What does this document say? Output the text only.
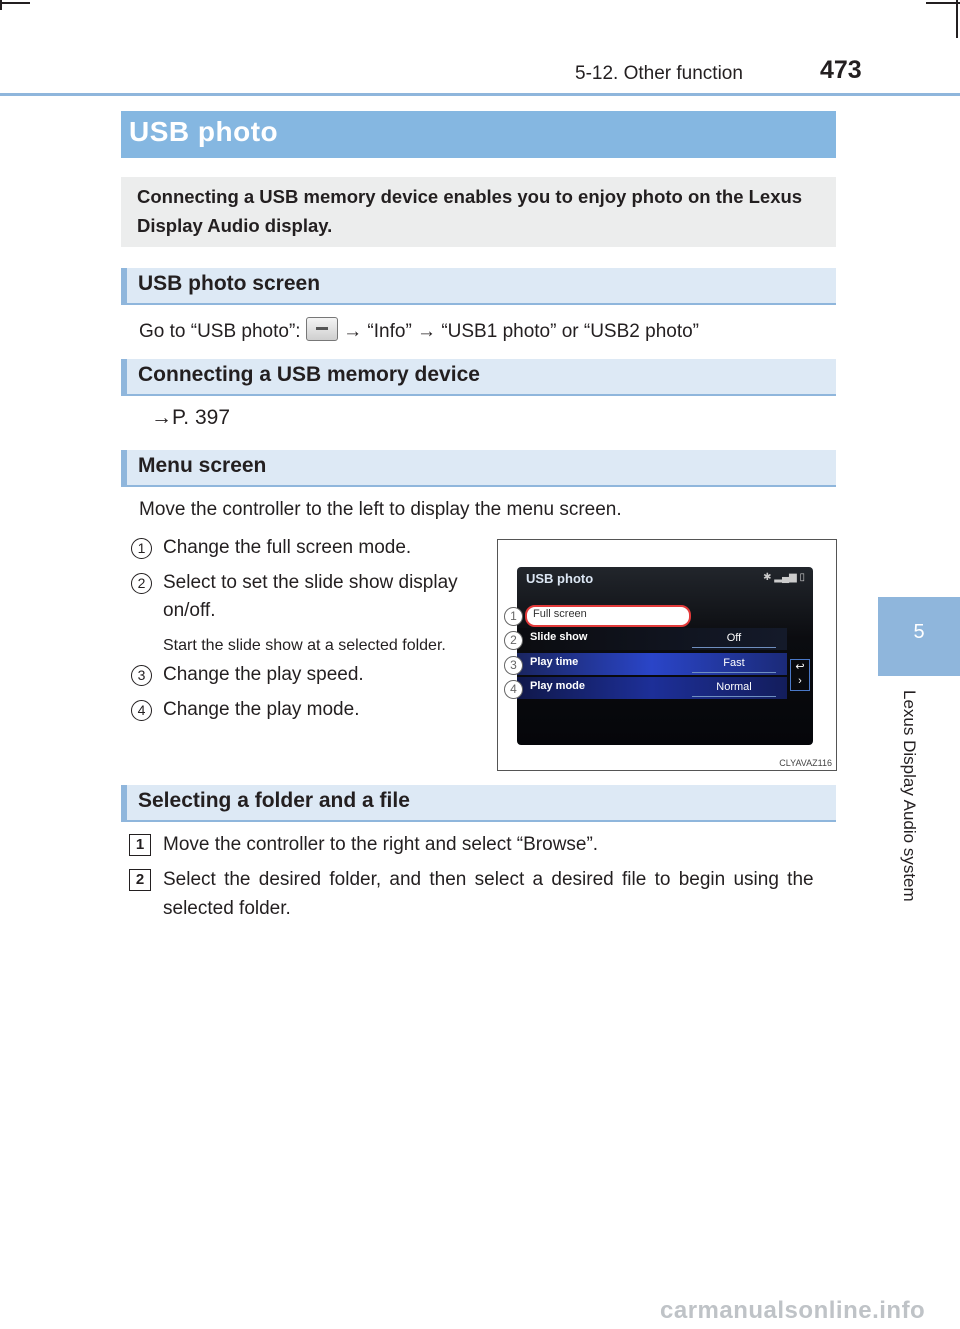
5-12. Other function	473
5
Lexus Display Audio system
USB photo

Connecting a USB memory device enables you to enjoy photo on the Lexus Display Audio display.

USB photo screen
Go to “USB photo”: → “Info” → “USB1 photo” or “USB2 photo”
Connecting a USB memory device
→P. 397
Menu screen
Move the controller to the left to display the menu screen.
1 Change the full screen mode.
2 Select to set the slide show display
on/off.
Start the slide show at a selected folder.
3 Change the play speed.
4 Change the play mode.
USB photo	✱ ▂▄▆ ▯
Full screen
Slide show	Off
Play time	Fast
Play mode	Normal
↩
›
1
2
3
4
CLYAVAZ116
Selecting a folder and a file
1 Move the controller to the right and select “Browse”.
2 Select the desired folder, and then select a desired file to begin using the
selected folder.
carmanualsonline.info
